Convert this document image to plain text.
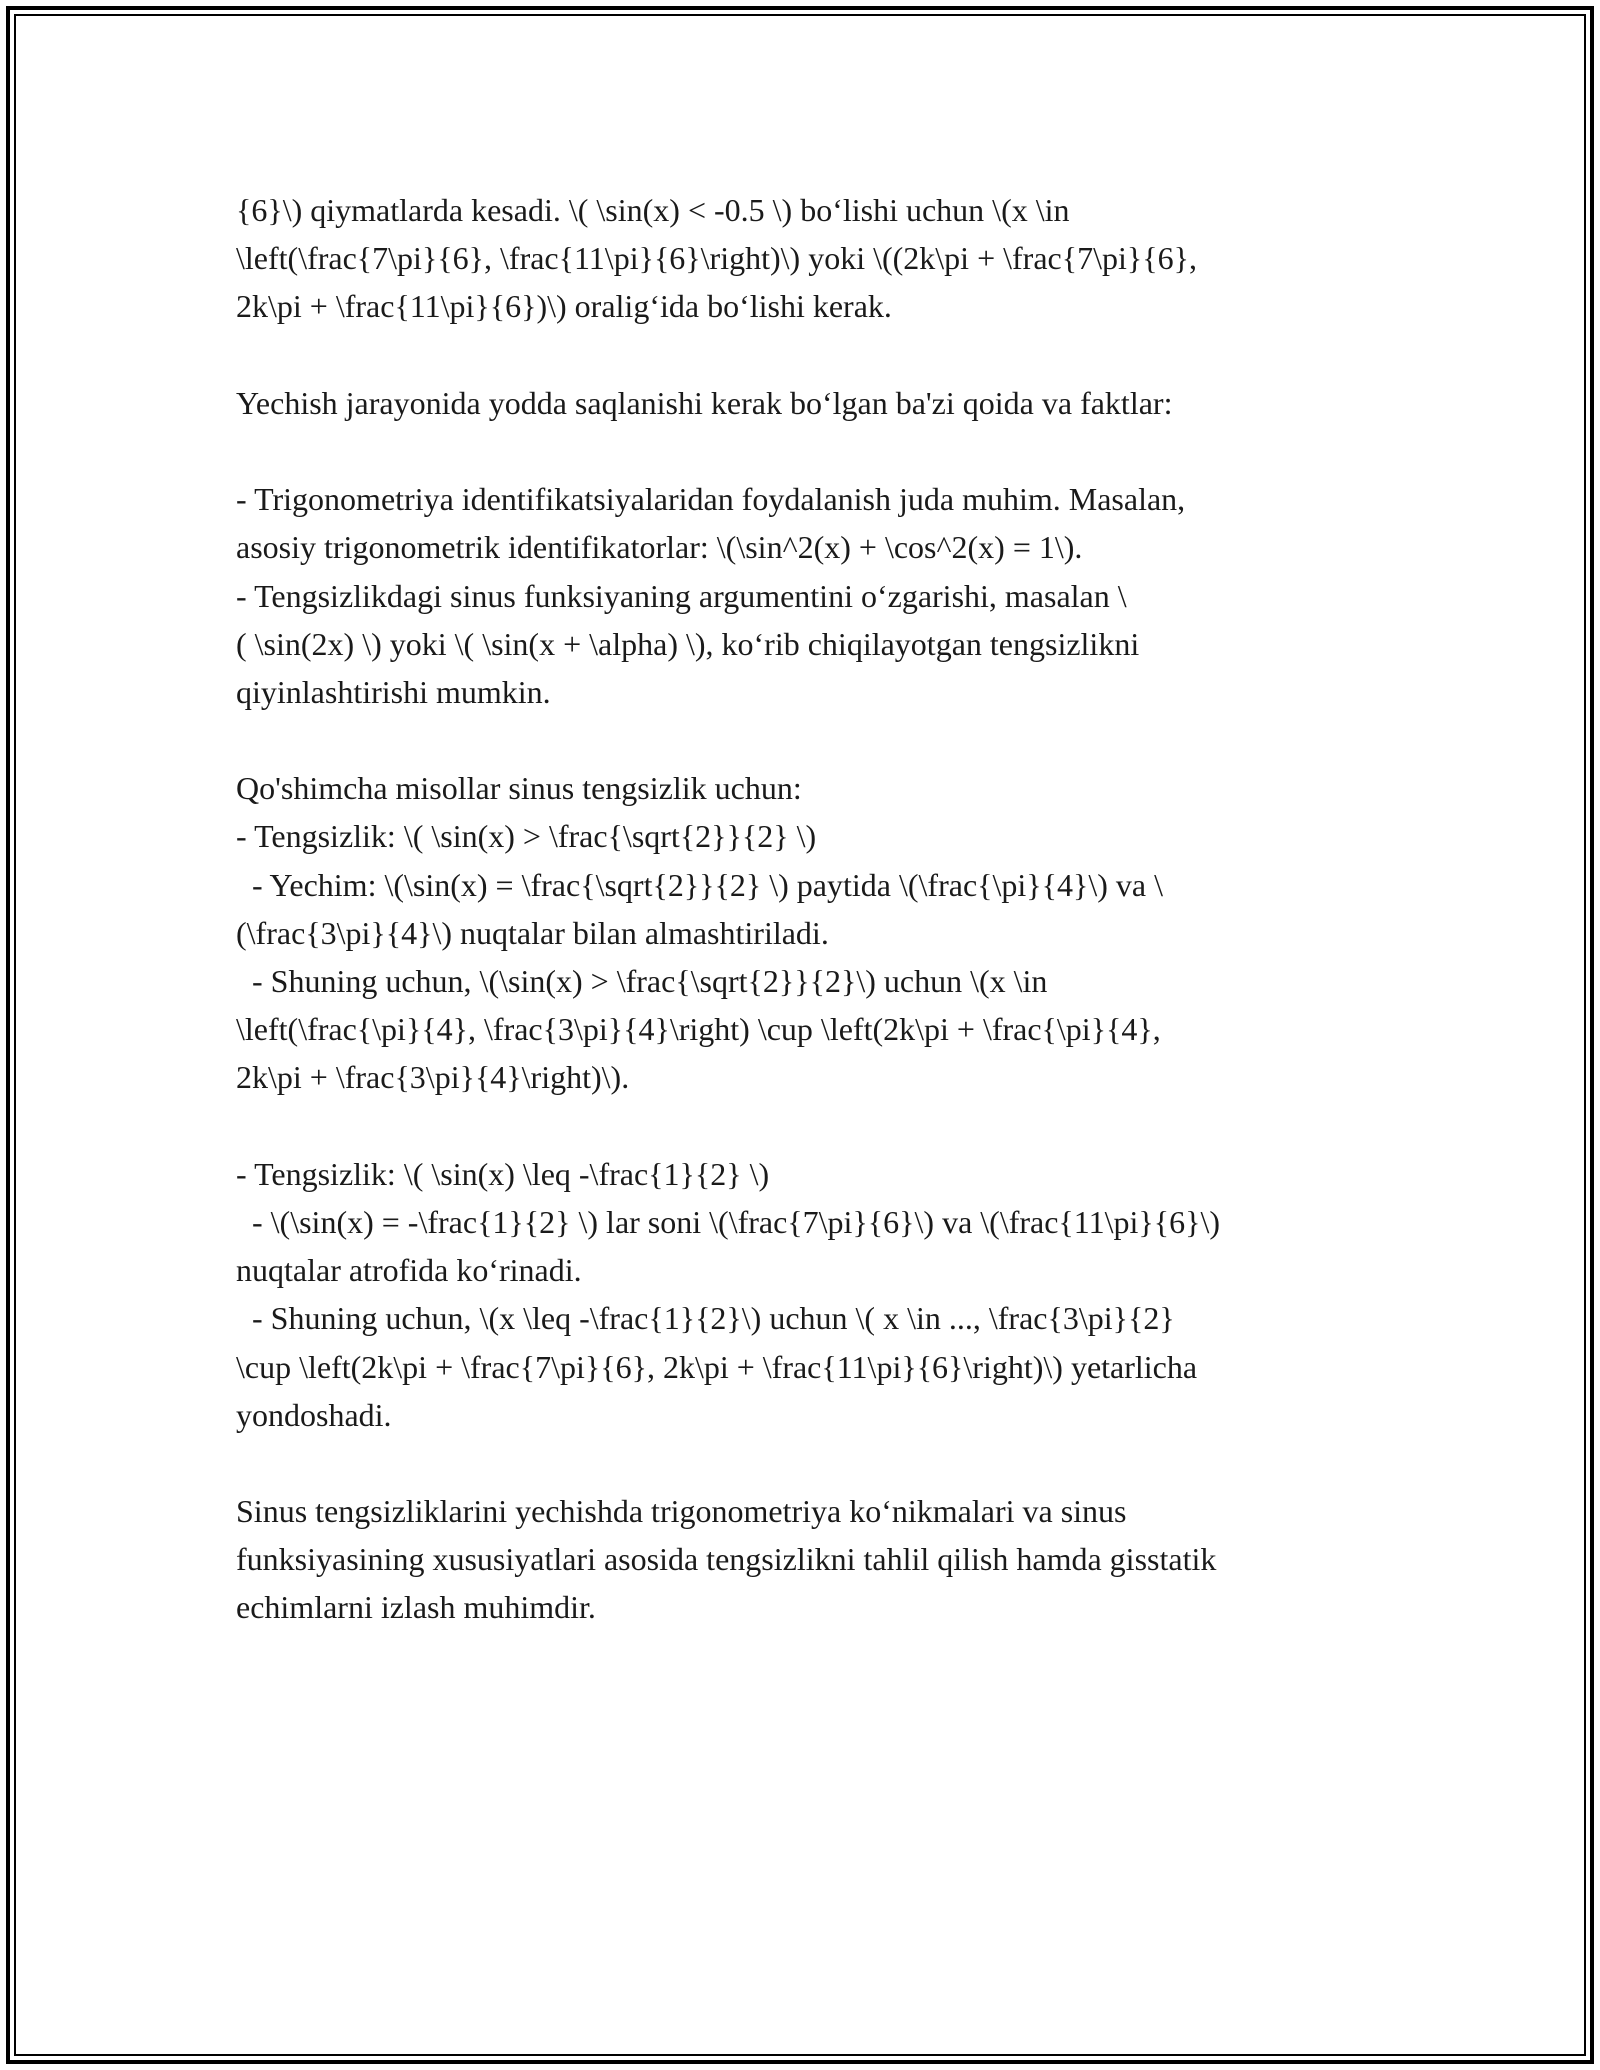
{6}\) qiymatlarda kesadi. \( \sin(x) < -0.5 \) bo‘lishi uchun \(x \in
\left(\frac{7\pi}{6}, \frac{11\pi}{6}\right)\) yoki \((2k\pi + \frac{7\pi}{6},
2k\pi + \frac{11\pi}{6})\) oralig‘ida bo‘lishi kerak.
Yechish jarayonida yodda saqlanishi kerak bo‘lgan ba'zi qoida va faktlar:
- Trigonometriya identifikatsiyalaridan foydalanish juda muhim. Masalan,
asosiy trigonometrik identifikatorlar: \(\sin^2(x) + \cos^2(x) = 1\).
- Tengsizlikdagi sinus funksiyaning argumentini o‘zgarishi, masalan \
( \sin(2x) \) yoki \( \sin(x + \alpha) \), ko‘rib chiqilayotgan tengsizlikni
qiyinlashtirishi mumkin.
Qo'shimcha misollar sinus tengsizlik uchun:
- Tengsizlik: \( \sin(x) > \frac{\sqrt{2}}{2} \)
- Yechim: \(\sin(x) = \frac{\sqrt{2}}{2} \) paytida \(\frac{\pi}{4}\) va \
(\frac{3\pi}{4}\) nuqtalar bilan almashtiriladi.
- Shuning uchun, \(\sin(x) > \frac{\sqrt{2}}{2}\) uchun \(x \in
\left(\frac{\pi}{4}, \frac{3\pi}{4}\right) \cup \left(2k\pi + \frac{\pi}{4},
2k\pi + \frac{3\pi}{4}\right)\).
- Tengsizlik: \( \sin(x) \leq -\frac{1}{2} \)
- \(\sin(x) = -\frac{1}{2} \) lar soni \(\frac{7\pi}{6}\) va \(\frac{11\pi}{6}\)
nuqtalar atrofida ko‘rinadi.
- Shuning uchun, \(x \leq -\frac{1}{2}\) uchun \( x \in ..., \frac{3\pi}{2}
\cup \left(2k\pi + \frac{7\pi}{6}, 2k\pi + \frac{11\pi}{6}\right)\) yetarlicha
yondoshadi.
Sinus tengsizliklarini yechishda trigonometriya ko‘nikmalari va sinus
funksiyasining xususiyatlari asosida tengsizlikni tahlil qilish hamda gisstatik
echimlarni izlash muhimdir.
